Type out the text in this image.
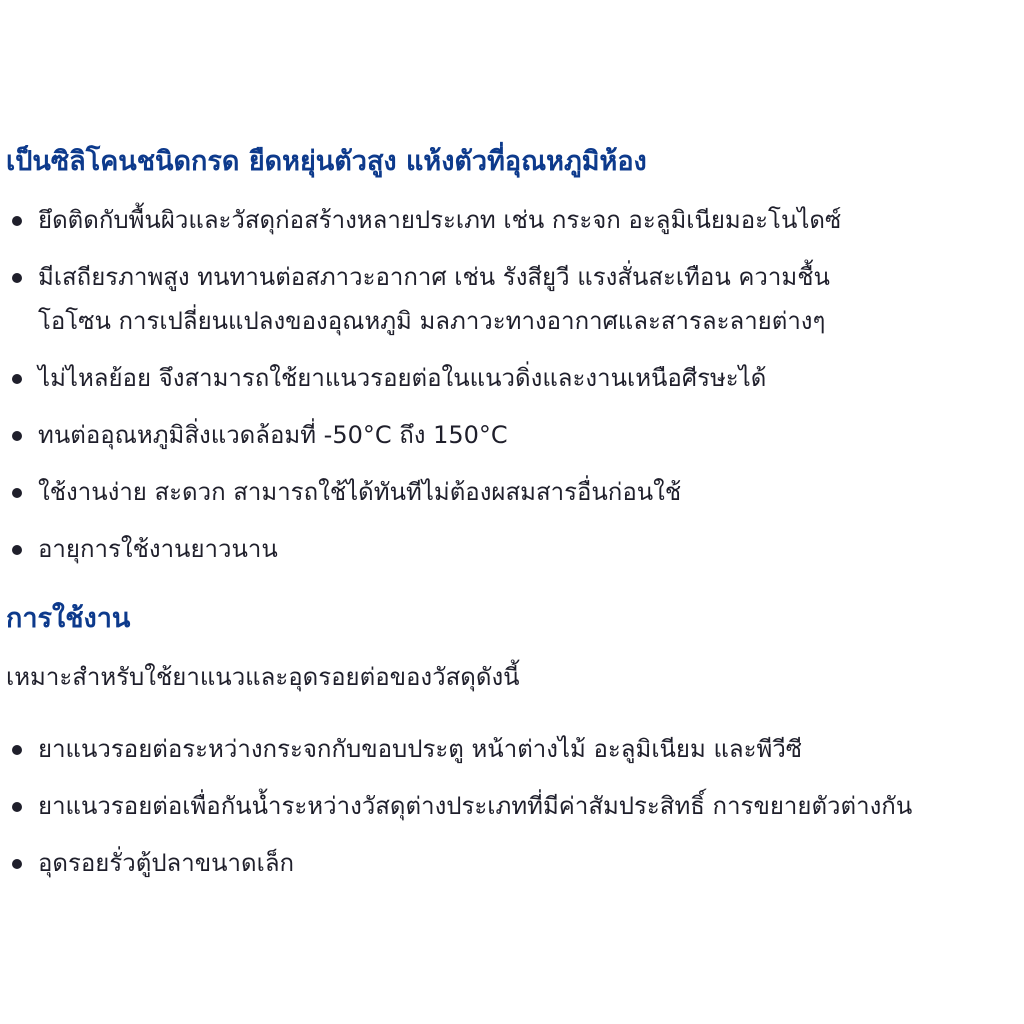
เป็นซิลิโคนชนิดกรด ยืดหยุ่นตัวสูง แห้งตัวที่อุณหภูมิห้อง
ยึดติดกับพื้นผิวและวัสดุก่อสร้างหลายประเภท เช่น กระจก อะลูมิเนียมอะโนไดซ์
มีเสถียรภาพสูง ทนทานต่อสภาวะอากาศ เช่น รังสียูวี แรงสั่นสะเทือน ความชื้น
โอโซน การเปลี่ยนแปลงของอุณหภูมิ มลภาวะทางอากาศและสารละลายต่างๆ
ไม่ไหลย้อย จึงสามารถใช้ยาแนวรอยต่อในแนวดิ่งและงานเหนือศีรษะได้
ทนต่ออุณหภูมิสิ่งแวดล้อมที่ -50°C ถึง 150°C
ใช้งานง่าย สะดวก สามารถใช้ได้ทันทีไม่ต้องผสมสารอื่นก่อนใช้
อายุการใช้งานยาวนาน
การใช้งาน

เหมาะสำหรับใช้ยาแนวและอุดรอยต่อของวัสดุดังนี้

ยาแนวรอยต่อระหว่างกระจกกับขอบประตู หน้าต่างไม้ อะลูมิเนียม และพีวีซี
ยาแนวรอยต่อเพื่อกันน้ำระหว่างวัสดุต่างประเภทที่มีค่าสัมประสิทธิ์ การขยายตัวต่างกัน
อุดรอยรั่วตู้ปลาขนาดเล็ก
